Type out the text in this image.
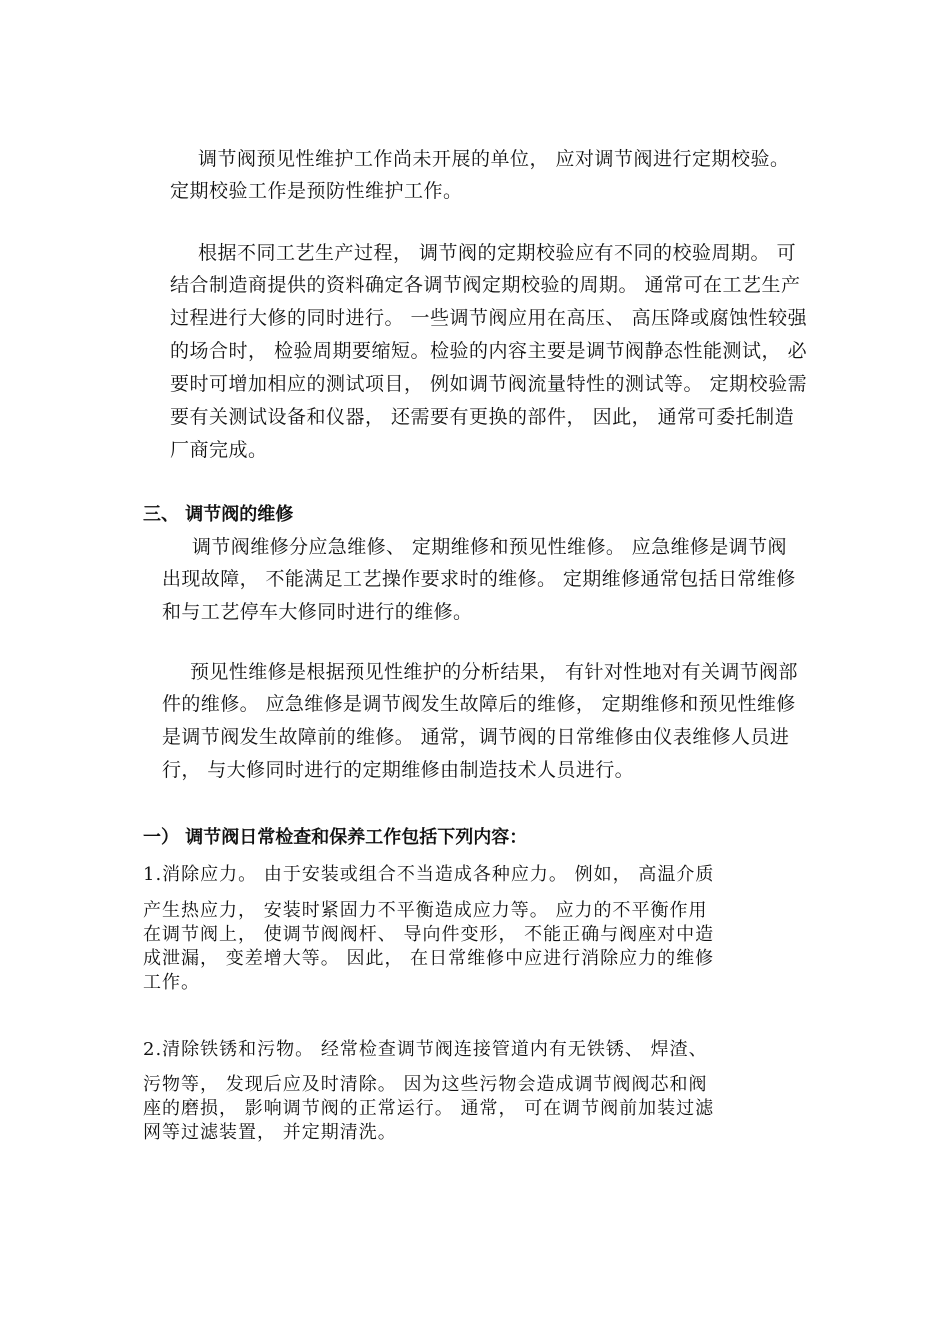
调节阀预见性维护工作尚未开展的单位， 应对调节阀进行定期校验。
定期校验工作是预防性维护工作。
根据不同工艺生产过程， 调节阀的定期校验应有不同的校验周期。 可
结合制造商提供的资料确定各调节阀定期校验的周期。 通常可在工艺生产
过程进行大修的同时进行。 一些调节阀应用在高压、 高压降或腐蚀性较强
的场合时， 检验周期要缩短。检验的内容主要是调节阀静态性能测试， 必
要时可增加相应的测试项目， 例如调节阀流量特性的测试等。 定期校验需
要有关测试设备和仪器， 还需要有更换的部件， 因此， 通常可委托制造
厂商完成。
三、 调节阀的维修
调节阀维修分应急维修、 定期维修和预见性维修。 应急维修是调节阀
出现故障， 不能满足工艺操作要求时的维修。 定期维修通常包括日常维修
和与工艺停车大修同时进行的维修。
预见性维修是根据预见性维护的分析结果， 有针对性地对有关调节阀部
件的维修。 应急维修是调节阀发生故障后的维修， 定期维修和预见性维修
是调节阀发生故障前的维修。 通常，调节阀的日常维修由仪表维修人员进
行， 与大修同时进行的定期维修由制造技术人员进行。
一） 调节阀日常检查和保养工作包括下列内容：
1.消除应力。 由于安装或组合不当造成各种应力。 例如， 高温介质
产生热应力， 安装时紧固力不平衡造成应力等。 应力的不平衡作用
在调节阀上， 使调节阀阀杆、 导向件变形， 不能正确与阀座对中造
成泄漏， 变差增大等。 因此， 在日常维修中应进行消除应力的维修
工作。
2.清除铁锈和污物。 经常检查调节阀连接管道内有无铁锈、 焊渣、
污物等， 发现后应及时清除。 因为这些污物会造成调节阀阀芯和阀
座的磨损， 影响调节阀的正常运行。 通常， 可在调节阀前加装过滤
网等过滤装置， 并定期清洗。
